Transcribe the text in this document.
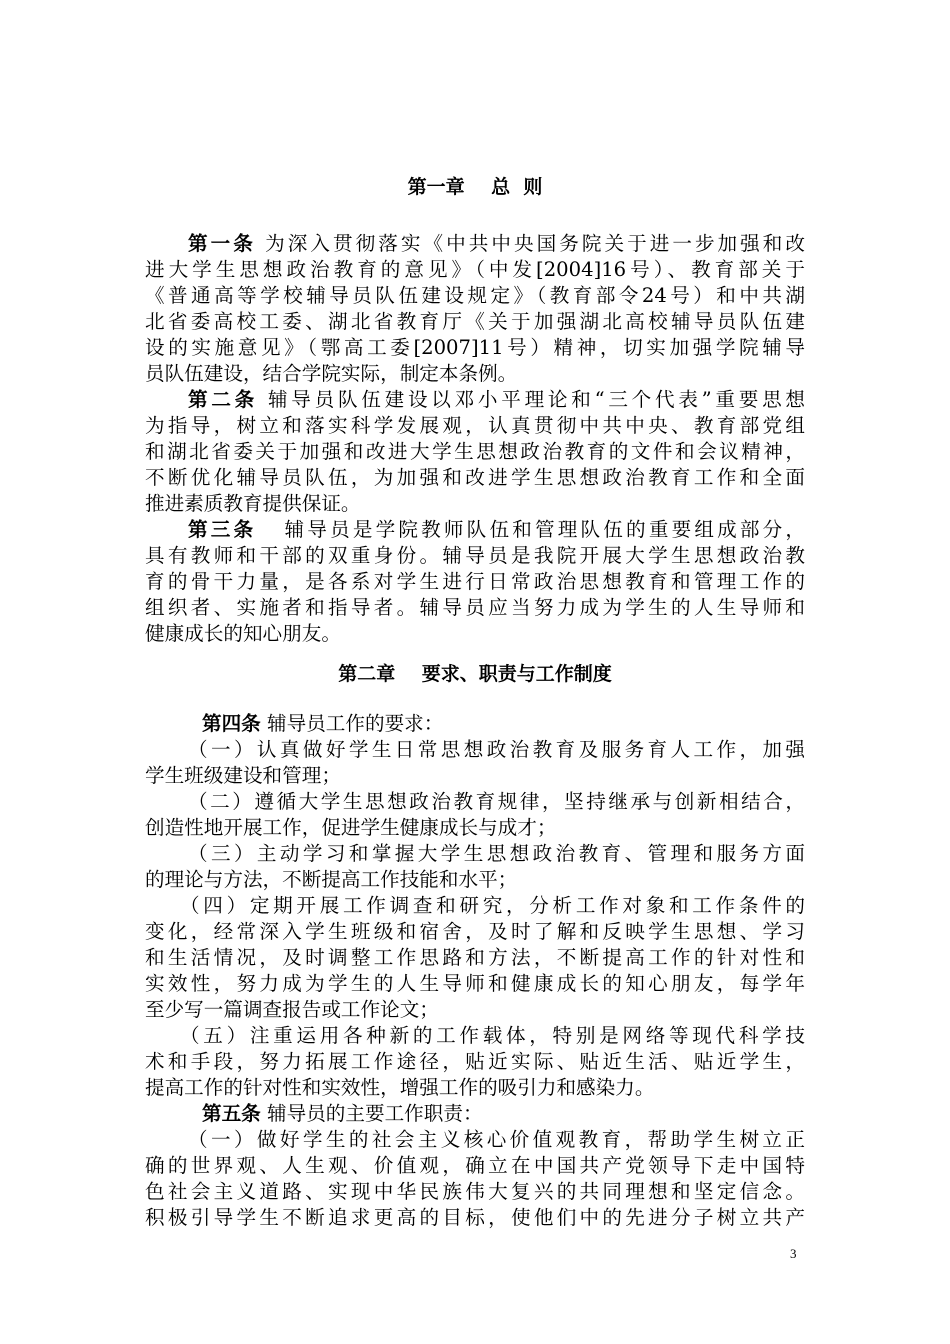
第一章    总  则
第一条 为深入贯彻落实《中共中央国务院关于进一步加强和改
进大学生思想政治教育的意见》（中发[2004]16号）、教育部关于
《普通高等学校辅导员队伍建设规定》（教育部令24号）和中共湖
北省委高校工委、湖北省教育厅《关于加强湖北高校辅导员队伍建
设的实施意见》（鄂高工委[2007]11号）精神，切实加强学院辅导
员队伍建设，结合学院实际，制定本条例。
第二条 辅导员队伍建设以邓小平理论和“三个代表”重要思想
为指导，树立和落实科学发展观，认真贯彻中共中央、教育部党组
和湖北省委关于加强和改进大学生思想政治教育的文件和会议精神，
不断优化辅导员队伍，为加强和改进学生思想政治教育工作和全面
推进素质教育提供保证。
第三条 辅导员是学院教师队伍和管理队伍的重要组成部分，
具有教师和干部的双重身份。辅导员是我院开展大学生思想政治教
育的骨干力量，是各系对学生进行日常政治思想教育和管理工作的
组织者、实施者和指导者。辅导员应当努力成为学生的人生导师和
健康成长的知心朋友。
第二章    要求、职责与工作制度
第四条 辅导员工作的要求：
（一）认真做好学生日常思想政治教育及服务育人工作，加强
学生班级建设和管理；
（二）遵循大学生思想政治教育规律，坚持继承与创新相结合，
创造性地开展工作，促进学生健康成长与成才；
（三）主动学习和掌握大学生思想政治教育、管理和服务方面
的理论与方法，不断提高工作技能和水平；
（四）定期开展工作调查和研究，分析工作对象和工作条件的
变化，经常深入学生班级和宿舍，及时了解和反映学生思想、学习
和生活情况，及时调整工作思路和方法，不断提高工作的针对性和
实效性，努力成为学生的人生导师和健康成长的知心朋友，每学年
至少写一篇调查报告或工作论文；
（五）注重运用各种新的工作载体，特别是网络等现代科学技
术和手段，努力拓展工作途径，贴近实际、贴近生活、贴近学生，
提高工作的针对性和实效性，增强工作的吸引力和感染力。
第五条 辅导员的主要工作职责：
（一）做好学生的社会主义核心价值观教育，帮助学生树立正
确的世界观、人生观、价值观，确立在中国共产党领导下走中国特
色社会主义道路、实现中华民族伟大复兴的共同理想和坚定信念。
积极引导学生不断追求更高的目标，使他们中的先进分子树立共产
3
